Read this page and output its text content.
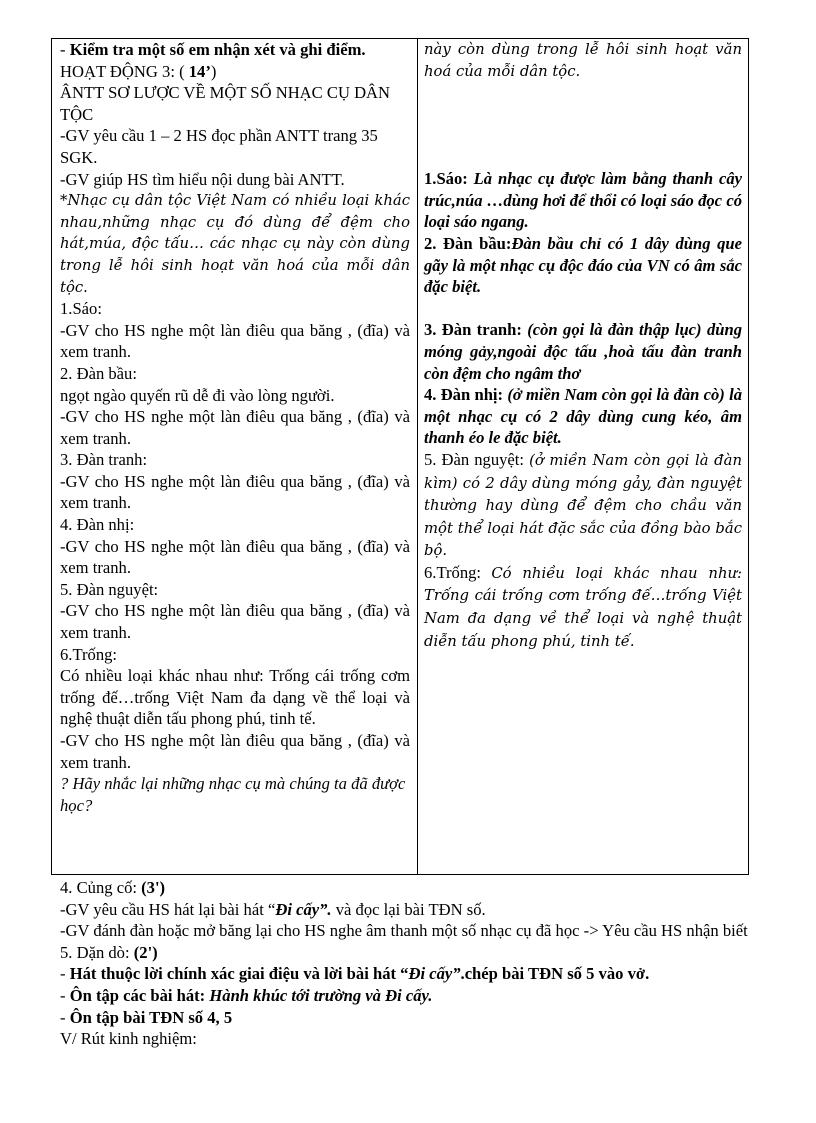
- Kiểm tra một số em nhận xét và ghi điểm.
HOẠT ĐỘNG 3: ( 14’)
ÂNTT SƠ LƯỢC VỀ MỘT SỐ NHẠC CỤ DÂN TỘC
-GV yêu cầu 1 – 2 HS đọc phần ANTT trang 35 SGK.
-GV giúp HS tìm hiểu nội dung bài ANTT.
*Nhạc cụ dân tộc Việt Nam có nhiều loại khác nhau,những nhạc cụ đó dùng để đệm cho hát,múa, độc tấu… các nhạc cụ này còn dùng trong lễ hôi sinh hoạt văn hoá của mỗi dân tộc.
1.Sáo:
-GV cho HS nghe một làn điêu qua băng , (đĩa) và xem tranh.
2. Đàn bầu:
ngọt ngào quyến rũ dễ đi vào lòng người.
-GV cho HS nghe một làn điêu qua băng , (đĩa) và xem tranh.
3. Đàn tranh:
-GV cho HS nghe một làn điêu qua băng , (đĩa) và xem tranh.
4. Đàn nhị:
-GV cho HS nghe một làn điêu qua băng , (đĩa) và xem tranh.
5. Đàn nguyệt:
-GV cho HS nghe một làn điêu qua băng , (đĩa) và xem tranh.
6.Trống:
Có nhiều loại khác nhau như: Trống cái trống cơm trống đế…trống Việt Nam đa dạng về thể loại và nghệ thuật diễn tấu phong phú, tinh tế.
-GV cho HS nghe một làn điêu qua băng , (đĩa) và xem tranh.
? Hãy nhắc lại những nhạc cụ mà chúng ta đã được học?
này còn dùng trong lễ hôi sinh hoạt văn hoá của mỗi dân tộc.
1.Sáo: Là nhạc cụ được làm bằng thanh cây trúc,núa …dùng hơi để thổi có loại sáo đọc có loại sáo ngang.
2. Đàn bầu:Đàn bầu chỉ có 1 dây dùng que gãy là một nhạc cụ độc đáo của VN có âm sắc đặc biệt.
3. Đàn tranh: (còn gọi là đàn thập lục) dùng móng gảy,ngoài độc tấu ,hoà tấu đàn tranh còn đệm cho ngâm thơ
4. Đàn nhị: (ở miền Nam còn gọi là đàn cò) là một nhạc cụ có 2 dây dùng cung kéo, âm thanh éo le đặc biệt.
5. Đàn nguyệt: (ở miền Nam còn gọi là đàn kìm) có 2 dây dùng móng gảy, đàn nguyệt thường hay dùng để đệm cho chầu văn một thể loại hát đặc sắc của đồng bào bắc bộ.
6.Trống: Có nhiều loại khác nhau như: Trống cái trống cơm trống đế…trống Việt Nam đa dạng về thể loại và nghệ thuật diễn tấu phong phú, tinh tế.
4. Củng cố: (3')
-GV yêu cầu HS hát lại bài hát “Đi cấy”. và đọc lại bài TĐN số.
-GV đánh đàn hoặc mở băng lại cho HS nghe âm thanh một số nhạc cụ đã học -> Yêu cầu HS nhận biết
5. Dặn dò: (2')
- Hát thuộc lời chính xác giai điệu và lời bài hát “Đi cấy”.chép bài TĐN số 5 vào vở.
- Ôn tập các bài hát: Hành khúc tới trường và Đi cấy.
- Ôn tập bài TĐN số 4, 5
V/ Rút kinh nghiệm:
